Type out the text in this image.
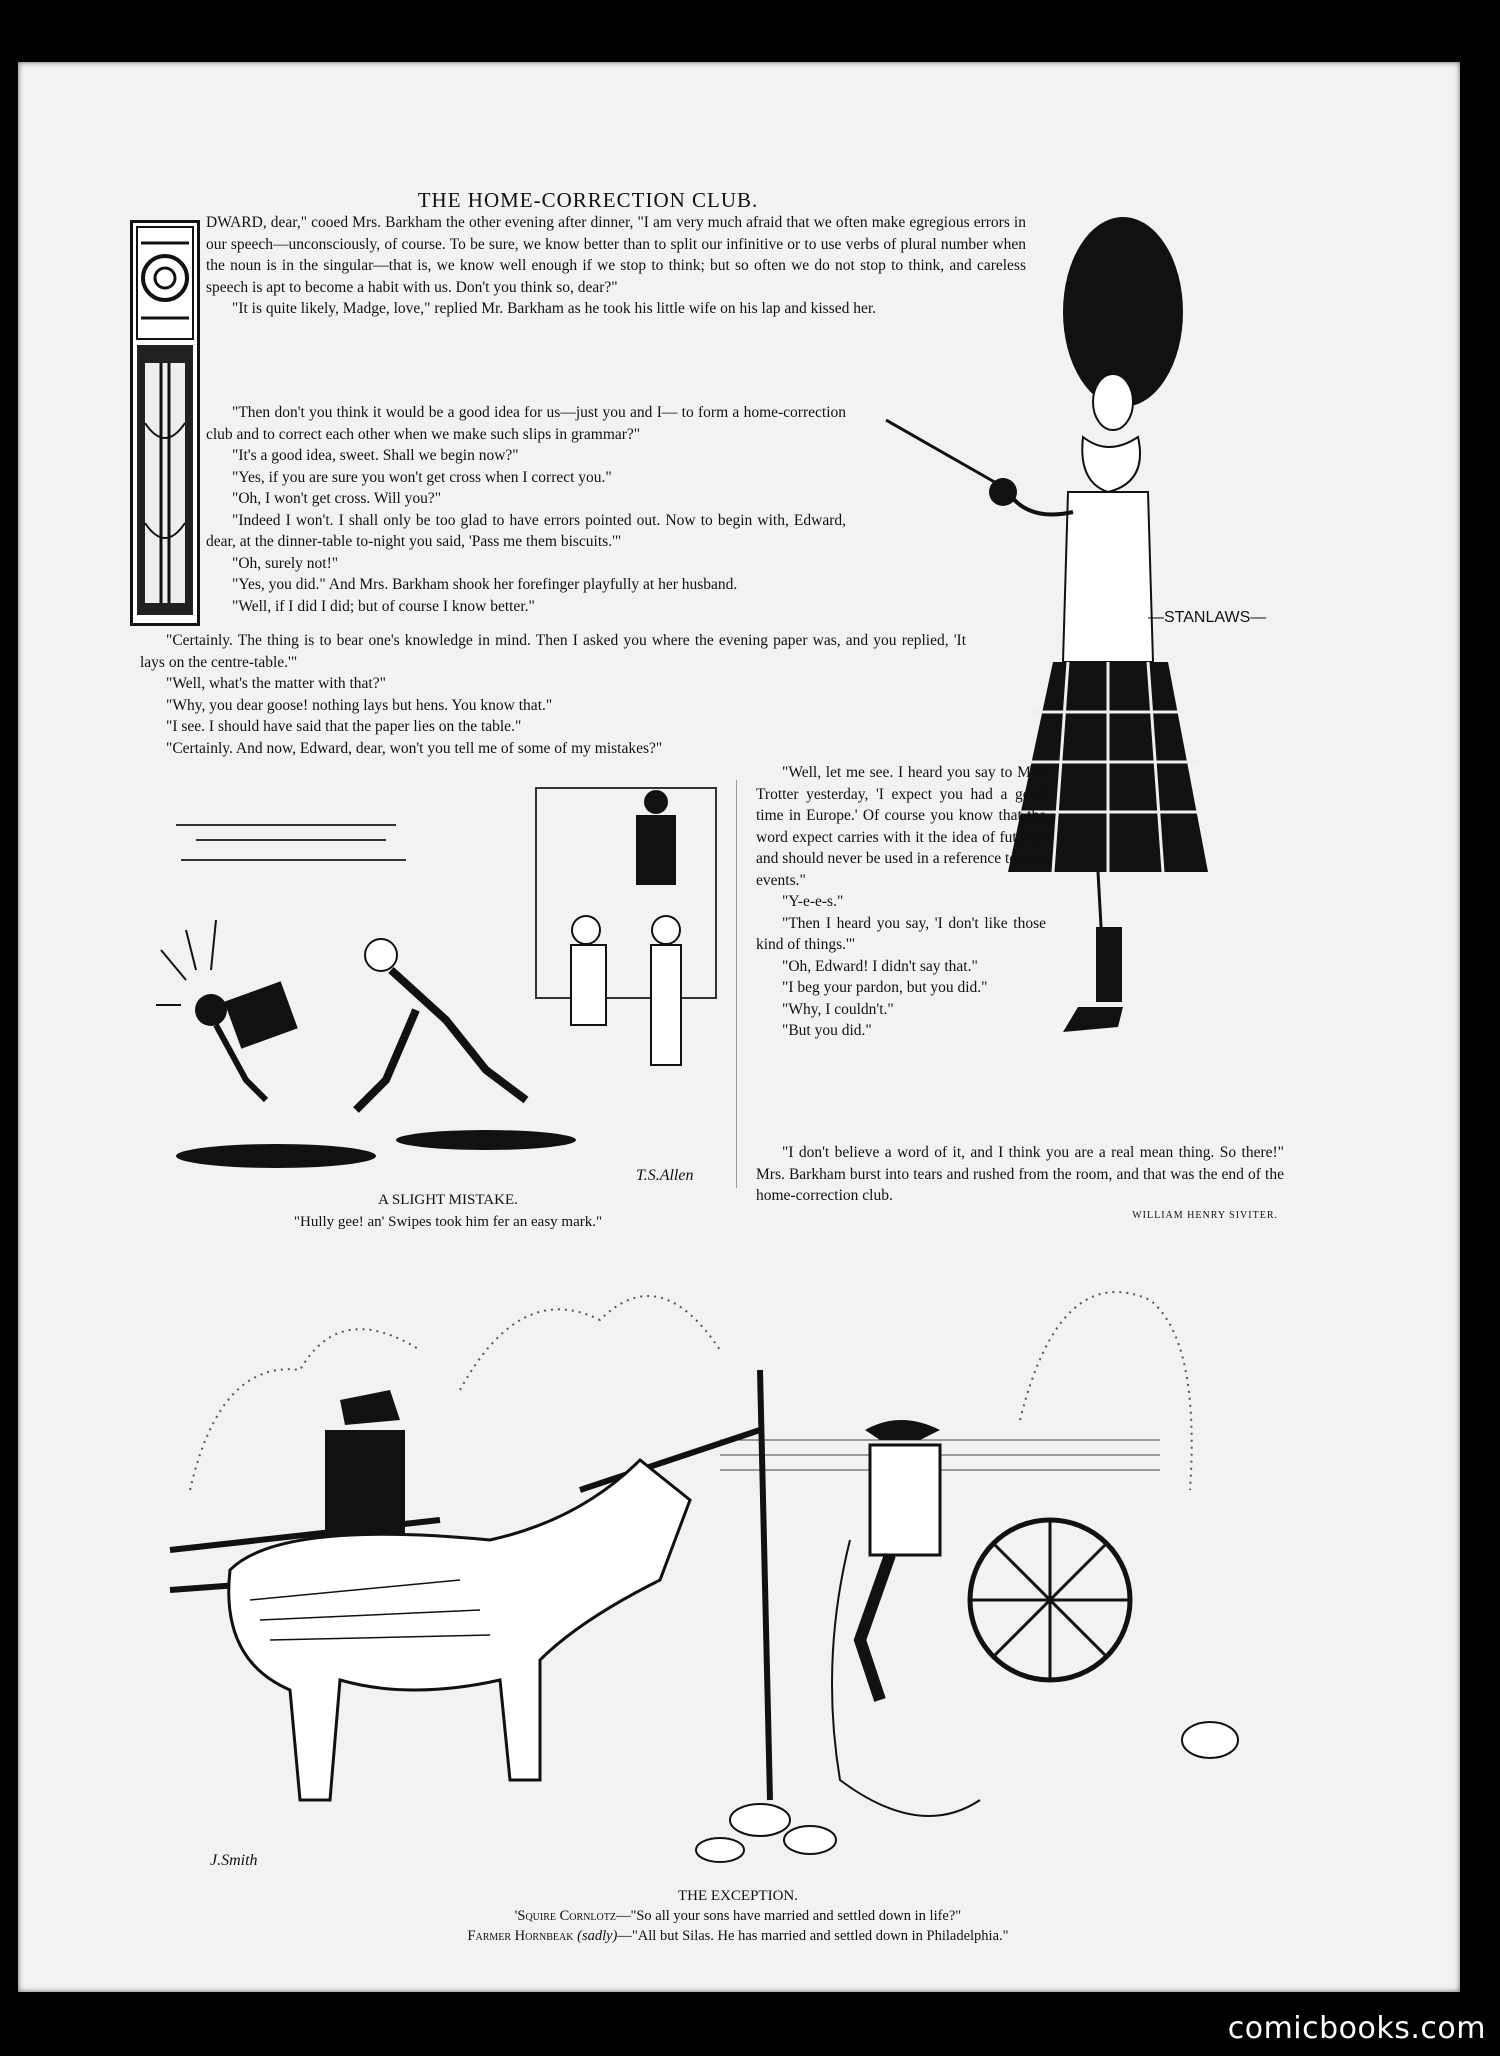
THE HOME-CORRECTION CLUB.

DWARD, dear," cooed Mrs. Barkham the other evening after dinner, "I am very much afraid that we often make egregious errors in our speech—unconsciously, of course. To be sure, we know better than to split our infinitive or to use verbs of plural number when the noun is in the singular—that is, we know well enough if we stop to think; but so often we do not stop to think, and careless speech is apt to become a habit with us. Don't you think so, dear?"

"It is quite likely, Madge, love," replied Mr. Barkham as he took his little wife on his lap and kissed her.

"Then don't you think it would be a good idea for us—just you and I— to form a home-correction club and to correct each other when we make such slips in grammar?"

"It's a good idea, sweet. Shall we begin now?"

"Yes, if you are sure you won't get cross when I correct you."

"Oh, I won't get cross. Will you?"

"Indeed I won't. I shall only be too glad to have errors pointed out. Now to begin with, Edward, dear, at the dinner-table to-night you said, 'Pass me them biscuits.'"

"Oh, surely not!"

"Yes, you did." And Mrs. Barkham shook her forefinger playfully at her husband.

"Well, if I did I did; but of course I know better."

"Certainly. The thing is to bear one's knowledge in mind. Then I asked you where the evening paper was, and you replied, 'It lays on the centre-table.'"

"Well, what's the matter with that?"

"Why, you dear goose! nothing lays but hens. You know that."

"I see. I should have said that the paper lies on the table."

"Certainly. And now, Edward, dear, won't you tell me of some of my mistakes?"

—STANLAWS—
T.S.Allen
A SLIGHT MISTAKE.
"Hully gee! an' Swipes took him fer an easy mark."

"Well, let me see. I heard you say to Mrs. Trotter yesterday, 'I expect you had a good time in Europe.' Of course you know that the word expect carries with it the idea of futurity and should never be used in a reference to past events."

"Y-e-e-s."

"Then I heard you say, 'I don't like those kind of things.'"

"Oh, Edward! I didn't say that."

"I beg your pardon, but you did."

"Why, I couldn't."

"But you did."

"I don't believe a word of it, and I think you are a real mean thing. So there!" Mrs. Barkham burst into tears and rushed from the room, and that was the end of the home-correction club.

WILLIAM HENRY SIVITER.
J.Smith
THE EXCEPTION.
'Squire Cornlotz—"So all your sons have married and settled down in life?"
Farmer Hornbeak (sadly)—"All but Silas. He has married and settled down in Philadelphia."
comicbooks.com
